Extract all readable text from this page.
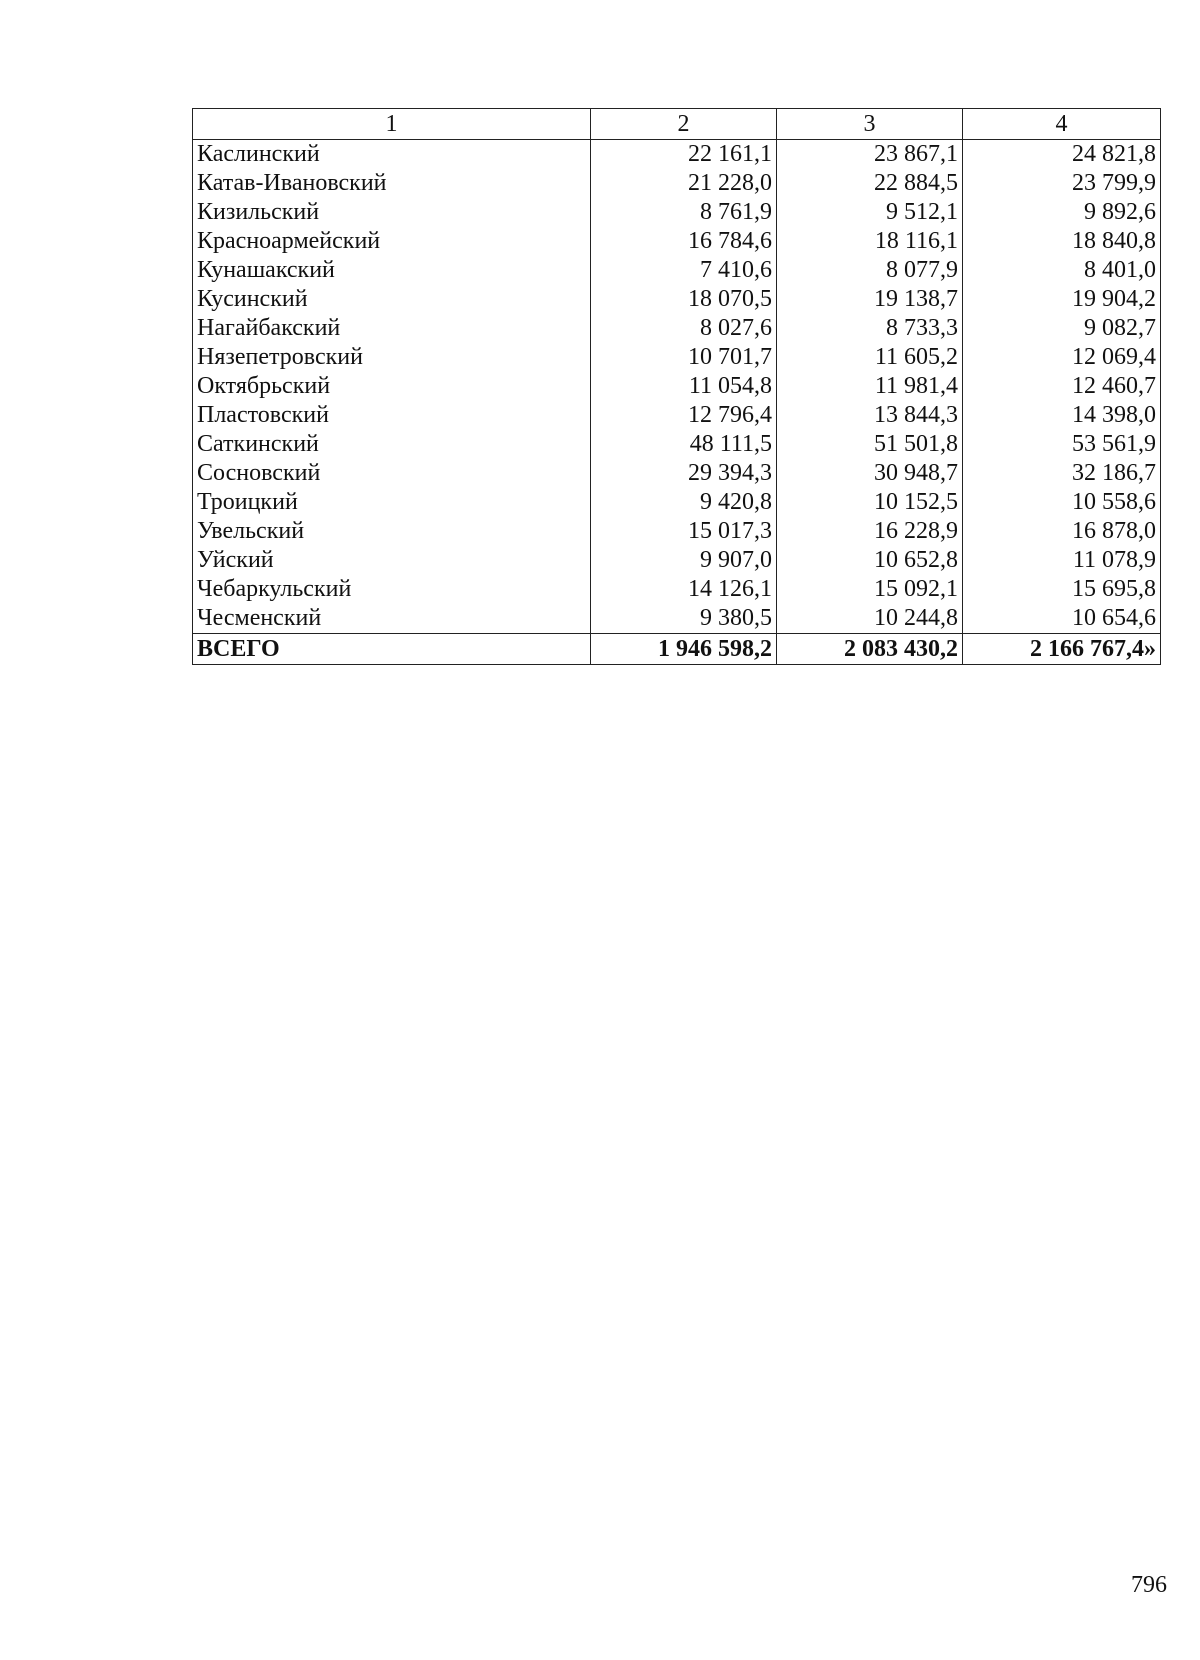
1	2	3	4
Каслинский	22 161,1	23 867,1	24 821,8
Катав-Ивановский	21 228,0	22 884,5	23 799,9
Кизильский	8 761,9	9 512,1	9 892,6
Красноармейский	16 784,6	18 116,1	18 840,8
Кунашакский	7 410,6	8 077,9	8 401,0
Кусинский	18 070,5	19 138,7	19 904,2
Нагайбакский	8 027,6	8 733,3	9 082,7
Нязепетровский	10 701,7	11 605,2	12 069,4
Октябрьский	11 054,8	11 981,4	12 460,7
Пластовский	12 796,4	13 844,3	14 398,0
Саткинский	48 111,5	51 501,8	53 561,9
Сосновский	29 394,3	30 948,7	32 186,7
Троицкий	9 420,8	10 152,5	10 558,6
Увельский	15 017,3	16 228,9	16 878,0
Уйский	9 907,0	10 652,8	11 078,9
Чебаркульский	14 126,1	15 092,1	15 695,8
Чесменский	9 380,5	10 244,8	10 654,6
ВСЕГО	1 946 598,2	2 083 430,2	2 166 767,4»
796
